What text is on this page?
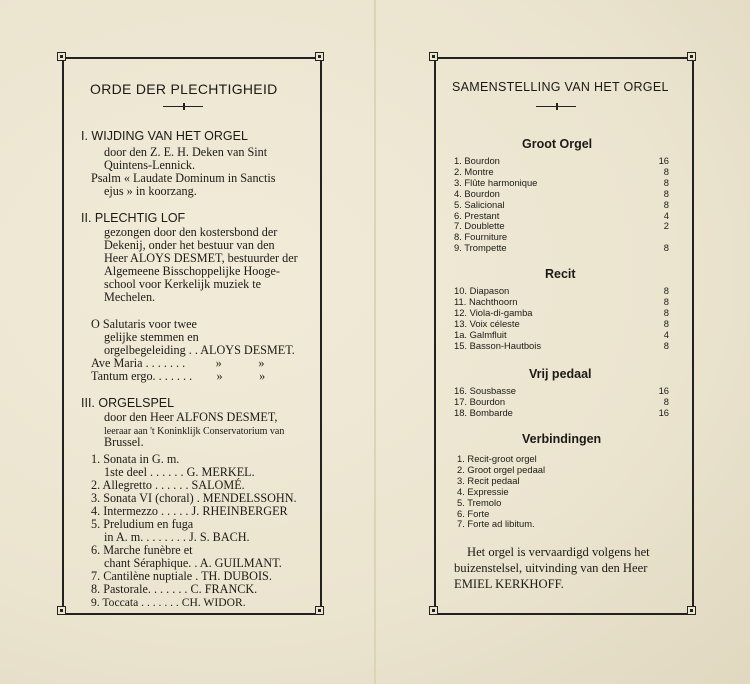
ORDE DER PLECHTIGHEID
I. WIJDING VAN HET ORGEL
door den Z. E. H. Deken van Sint
Quintens-Lennick.
Psalm « Laudate Dominum in Sanctis
ejus » in koorzang.
II. PLECHTIG LOF
gezongen door den kostersbond der
Dekenij, onder het bestuur van den
Heer ALOYS DESMET, bestuurder der
Algemeene Bisschoppelijke Hooge-
school voor Kerkelijk muziek te
Mechelen.
O Salutaris voor twee
gelijke stemmen en
orgelbegeleiding . . ALOYS DESMET.
Ave Maria . . . . . . .          »            »
Tantum ergo. . . . . . .        »            »
III. ORGELSPEL
door den Heer ALFONS DESMET,
leeraar aan 't Koninklijk Conservatorium van
Brussel.
1. Sonata in G. m.
1ste deel . . . . . . G. MERKEL.
2. Allegretto . . . . . . SALOMÉ.
3. Sonata VI (choral) . MENDELSSOHN.
4. Intermezzo . . . . . J. RHEINBERGER
5. Preludium en fuga
in A. m. . . . . . . . J. S. BACH.
6. Marche funèbre et
chant Séraphique. . A. GUILMANT.
7. Cantilène nuptiale . TH. DUBOIS.
8. Pastorale. . . . . . . C. FRANCK.
9. Toccata . . . . . . . CH. WIDOR.
SAMENSTELLING VAN HET ORGEL
Groot Orgel
1. Bourdon	16
2. Montre	8
3. Flûte harmonique	8
4. Bourdon	8
5. Salicional	8
6. Prestant	4
7. Doublette	2
8. Fourniture
9. Trompette	8
Recit
10. Diapason	8
11. Nachthoorn	8
12. Viola-di-gamba	8
13. Voix céleste	8
1a. Galmfluit	4
15. Basson-Hautbois	8
Vrij pedaal
16. Sousbasse	16
17. Bourdon	8
18. Bombarde	16
Verbindingen
1. Recit-groot orgel
2. Groot orgel pedaal
3. Recit pedaal
4. Expressie
5. Tremolo
6. Forte
7. Forte ad libitum.
Het orgel is vervaardigd volgens het
buizenstelsel, uitvinding van den Heer
EMIEL KERKHOFF.
